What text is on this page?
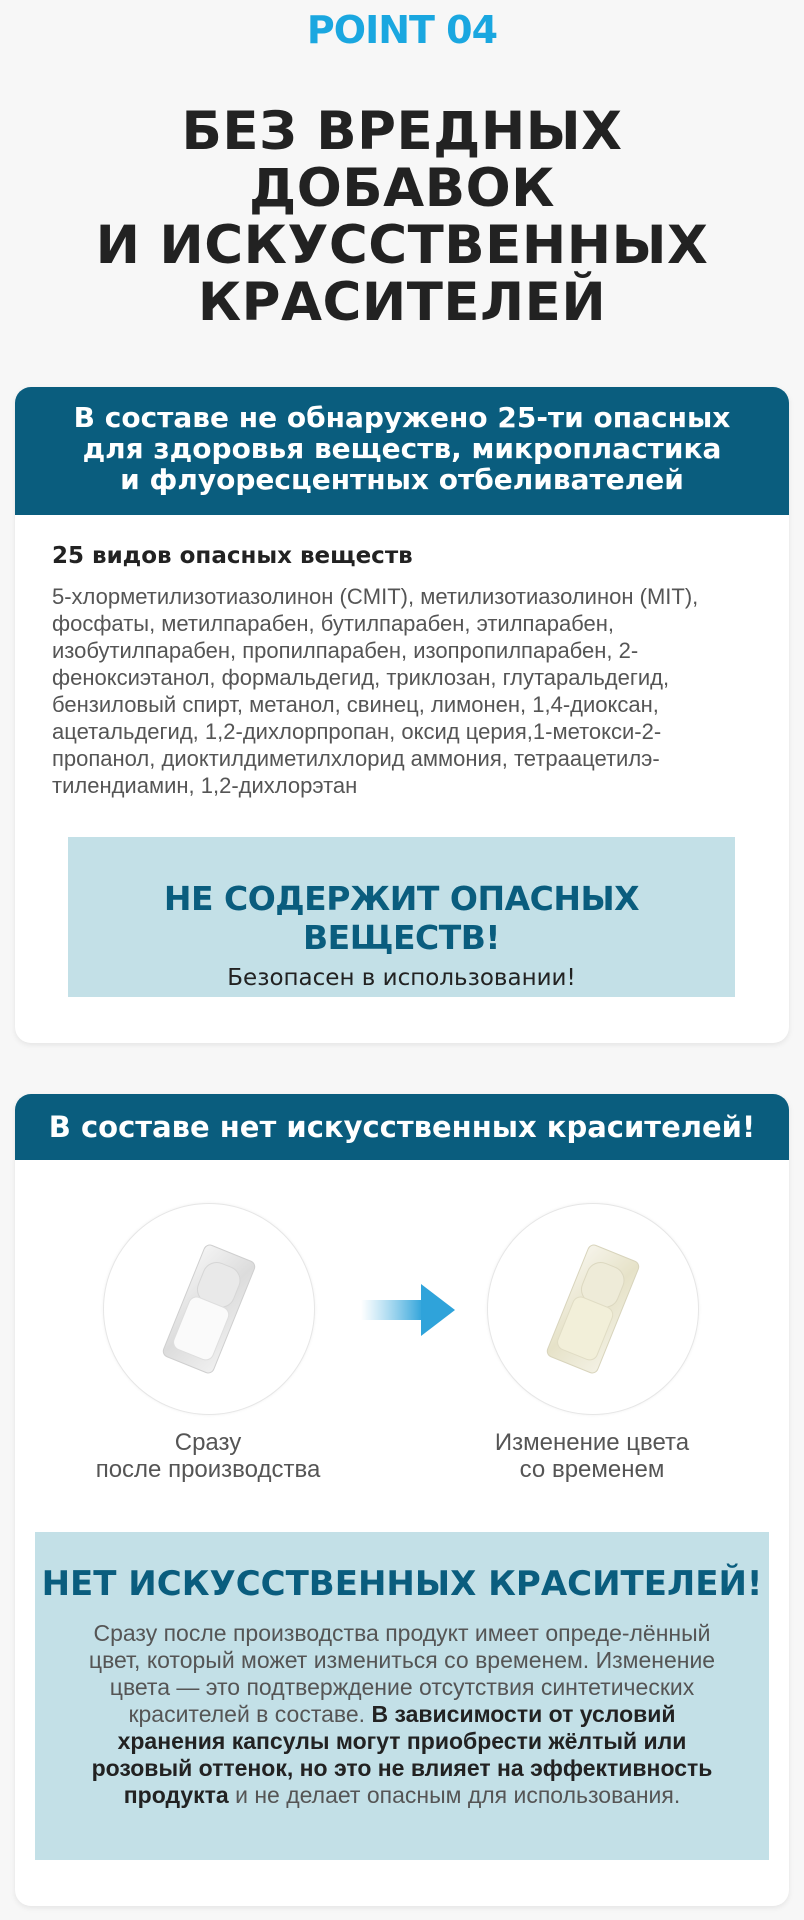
POINT 04
БЕЗ ВРЕДНЫХ
ДОБАВОК
И ИСКУССТВЕННЫХ
КРАСИТЕЛЕЙ
В составе не обнаружено 25-ти опасных
для здоровья веществ, микропластика
и флуоресцентных отбеливателей
25 видов опасных веществ
5-хлорметилизотиазолинон (CMIT), метилизотиазолинон (MIT), фосфаты, метилпарабен, бутилпарабен, этилпарабен, изобутилпарабен, пропилпарабен, изопропилпарабен, 2-феноксиэтанол, формальдегид, триклозан, глутаральдегид, бензиловый спирт, метанол, свинец, лимонен, 1,4-диоксан, ацетальдегид, 1,2-дихлорпропан, оксид церия,1-метокси-2-пропанол, диоктилдиметилхлорид аммония, тетраацетилэ-тилендиамин, 1,2-дихлорэтан
НЕ СОДЕРЖИТ ОПАСНЫХ ВЕЩЕСТВ!
Безопасен в использовании!
В составе нет искусственных красителей!
Сразу
после производства
Изменение цвета
со временем
НЕТ ИСКУССТВЕННЫХ КРАСИТЕЛЕЙ!
Сразу после производства продукт имеет опреде-лённый цвет, который может измениться со временем. Изменение цвета — это подтверждение отсутствия синтетических красителей в составе. В зависимости от условий хранения капсулы могут приобрести жёлтый или розовый оттенок, но это не влияет на эффективность продукта и не делает опасным для использования.
